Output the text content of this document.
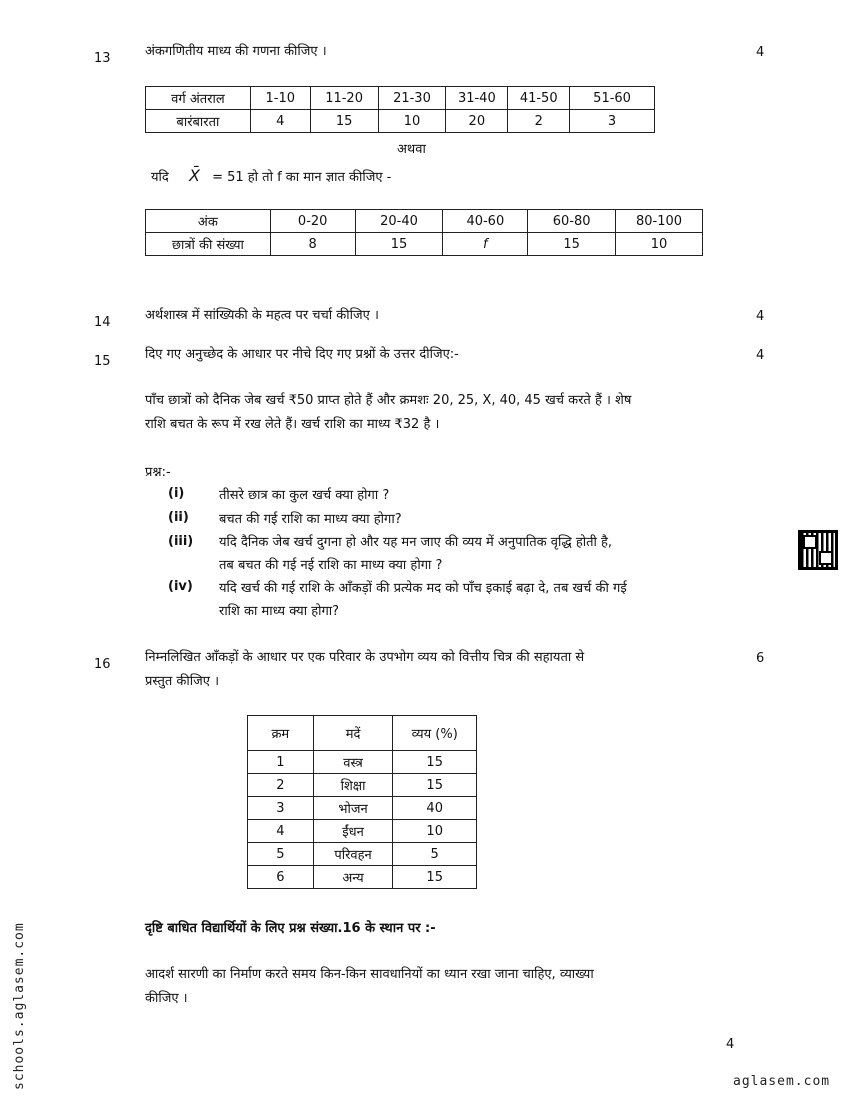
13	अंकगणितीय माध्य की गणना कीजिए ।	4
वर्ग अंतराल	1-10	11-20	21-30	31-40	41-50	51-60
बारंबारता	4	15	10	20	2	3
अथवा
यदि X̄ = 51 हो तो f का मान ज्ञात कीजिए -
अंक	0-20	20-40	40-60	60-80	80-100
छात्रों की संख्या	8	15	f	15	10
14	अर्थशास्त्र में सांख्यिकी के महत्व पर चर्चा कीजिए ।	4
15	दिए गए अनुच्छेद के आधार पर नीचे दिए गए प्रश्नों के उत्तर दीजिए:-	4
पाँच छात्रों को दैनिक जेब खर्च ₹50 प्राप्त होते हैं और क्रमशः 20, 25, X, 40, 45 खर्च करते हैं । शेष
राशि बचत के रूप में रख लेते हैं। खर्च राशि का माध्य ₹32 है ।
प्रश्न:-
(i)	तीसरे छात्र का कुल खर्च क्या होगा ?
(ii) बचत की गई राशि का माध्य क्या होगा?
(iii) यदि दैनिक जेब खर्च दुगना हो और यह मन जाए की व्यय में अनुपातिक वृद्धि होती है,
तब बचत की गई नई राशि का माध्य क्या होगा ?
(iv) यदि खर्च की गई राशि के आँकड़ों की प्रत्येक मद को पाँच इकाई बढ़ा दे, तब खर्च की गई
राशि का माध्य क्या होगा?
16	निम्नलिखित आँकड़ों के आधार पर एक परिवार के उपभोग व्यय को वित्तीय चित्र की सहायता से
प्रस्तुत कीजिए ।
6
क्रम	मदें	व्यय (%)
1	वस्त्र	15
2	शिक्षा	15
3	भोजन	40
4	ईंधन	10
5	परिवहन	5
6	अन्य	15
दृष्टि बाधित विद्यार्थियों के लिए प्रश्न संख्या.16 के स्थान पर :-
आदर्श सारणी का निर्माण करते समय किन-किन सावधानियों का ध्यान रखा जाना चाहिए, व्याख्या
कीजिए ।
4
schools.aglasem.com	aglasem.com
